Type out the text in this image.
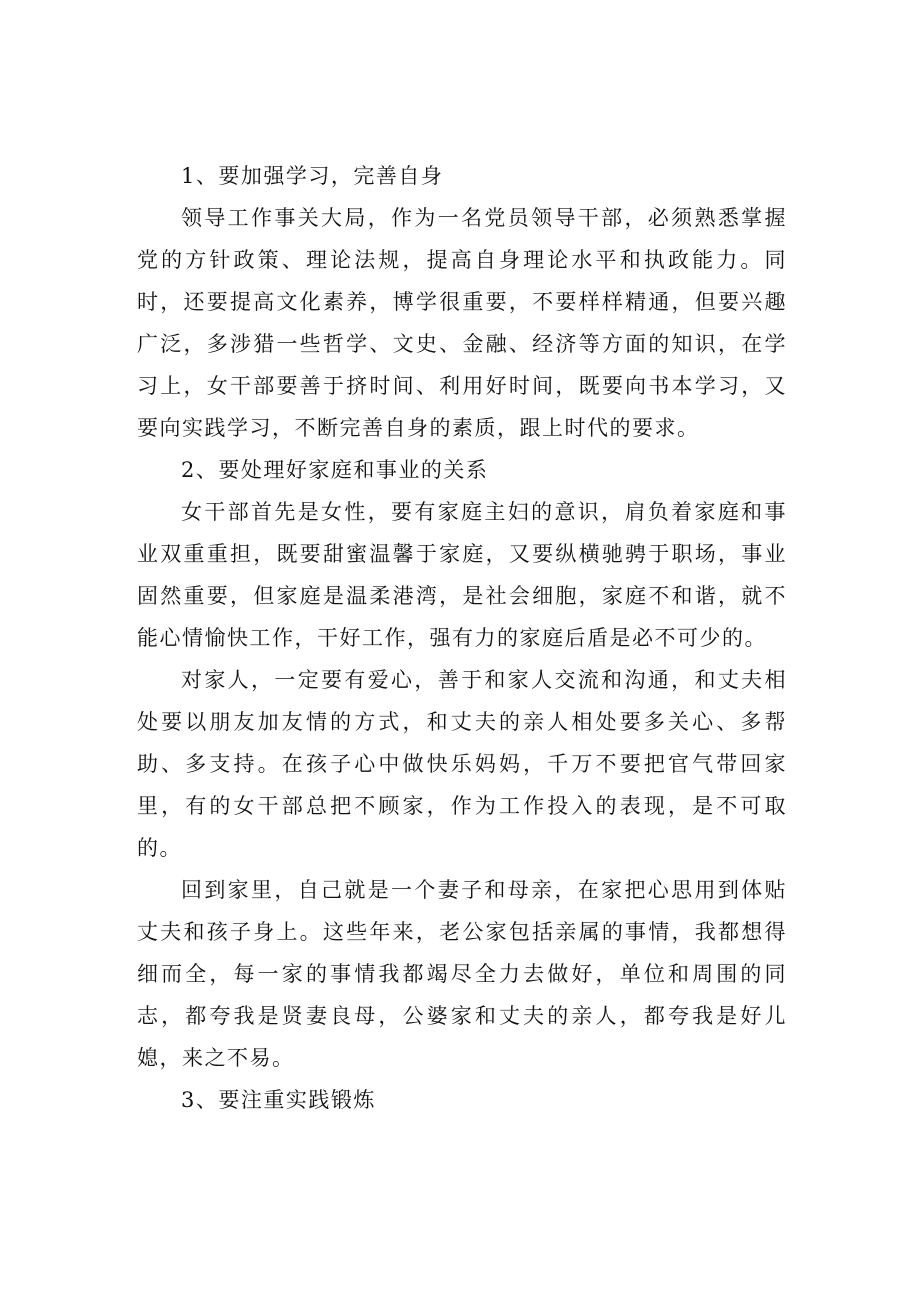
1、要加强学习，完善自身

领导工作事关大局，作为一名党员领导干部，必须熟悉掌握党的方针政策、理论法规，提高自身理论水平和执政能力。同时，还要提高文化素养，博学很重要，不要样样精通，但要兴趣广泛，多涉猎一些哲学、文史、金融、经济等方面的知识，在学习上，女干部要善于挤时间、利用好时间，既要向书本学习，又要向实践学习，不断完善自身的素质，跟上时代的要求。

2、要处理好家庭和事业的关系

女干部首先是女性，要有家庭主妇的意识，肩负着家庭和事业双重重担，既要甜蜜温馨于家庭，又要纵横驰骋于职场，事业固然重要，但家庭是温柔港湾，是社会细胞，家庭不和谐，就不能心情愉快工作，干好工作，强有力的家庭后盾是必不可少的。

对家人，一定要有爱心，善于和家人交流和沟通，和丈夫相处要以朋友加友情的方式，和丈夫的亲人相处要多关心、多帮助、多支持。在孩子心中做快乐妈妈，千万不要把官气带回家里，有的女干部总把不顾家，作为工作投入的表现，是不可取的。

回到家里，自己就是一个妻子和母亲，在家把心思用到体贴丈夫和孩子身上。这些年来，老公家包括亲属的事情，我都想得细而全，每一家的事情我都竭尽全力去做好，单位和周围的同志，都夸我是贤妻良母，公婆家和丈夫的亲人，都夸我是好儿媳，来之不易。

3、要注重实践锻炼
